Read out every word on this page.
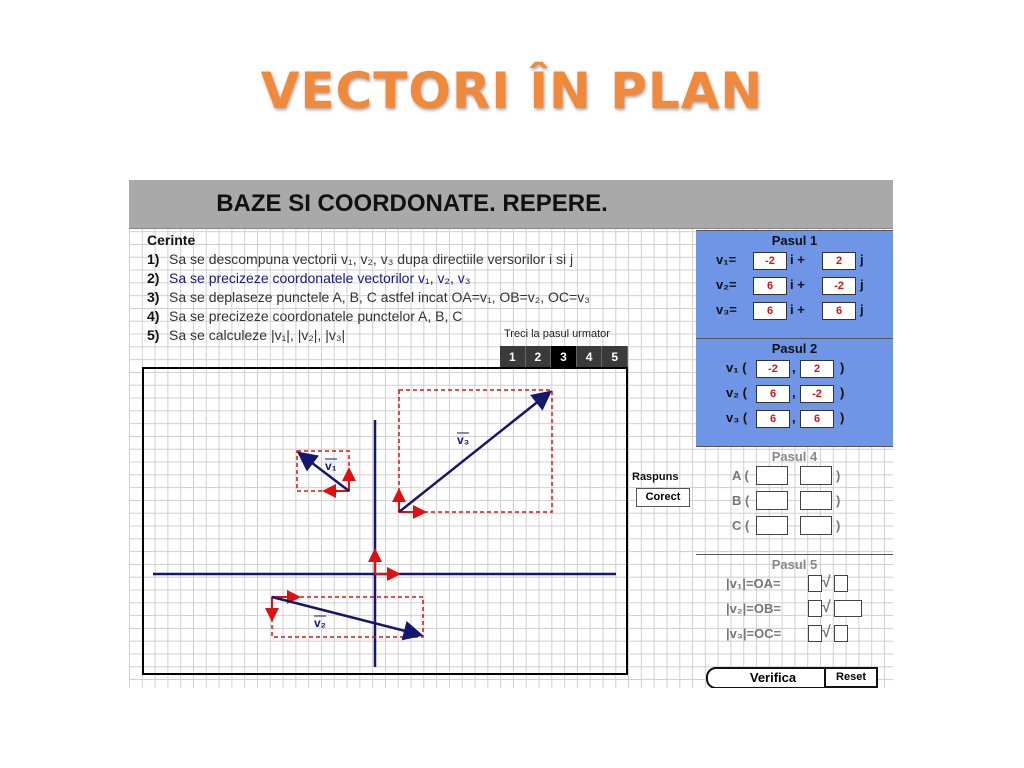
VECTORI ÎN PLAN
BAZE SI COORDONATE. REPERE.
Cerinte
1) Sa se descompuna vectorii v₁, v₂, v₃ dupa directiile versorilor i si j
2) Sa se precizeze coordonatele vectorilor v₁, v₂, v₃
3) Sa se deplaseze punctele A, B, C astfel incat OA=v₁, OB=v₂, OC=v₃
4) Sa se precizeze coordonatele punctelor A, B, C
5) Sa se calculeze |v₁|, |v₂|, |v₃|	Treci la pasul urmator
1	2	3	4	5
v₁
v₂
v₃
Raspuns
Corect
Pasul 1
v₁=	-2	i +	2	j
v₂=	6	i +	-2	j
v₃=	6	i +	6	j
Pasul 2
v₁ (	-2	,	2	)
v₂ (	6	,	-2	)
v₃ (	6	,	6	)
Pasul 4
A (	)
B (	)
C (	)
Pasul 5
|v₁|=OA=	√
|v₂|=OB=	√
|v₃|=OC=	√
Verifica	Reset
